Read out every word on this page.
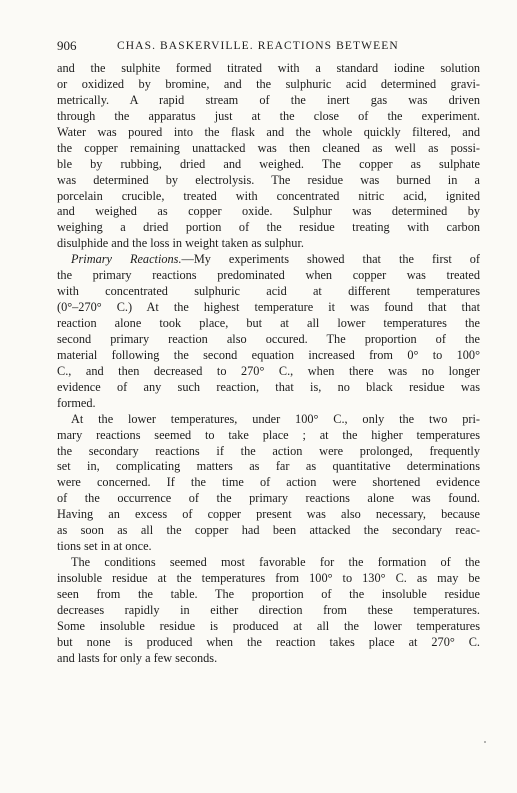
906	CHAS. BASKERVILLE. REACTIONS BETWEEN
and the sulphite formed titrated with a standard iodine solution
or oxidized by bromine, and the sulphuric acid determined gravi-
metrically. A rapid stream of the inert gas was driven
through the apparatus just at the close of the experiment.
Water was poured into the flask and the whole quickly filtered, and
the copper remaining unattacked was then cleaned as well as possi-
ble by rubbing, dried and weighed. The copper as sulphate
was determined by electrolysis. The residue was burned in a
porcelain crucible, treated with concentrated nitric acid, ignited
and weighed as copper oxide. Sulphur was determined by
weighing a dried portion of the residue treating with carbon
disulphide and the loss in weight taken as sulphur.
Primary Reactions.—My experiments showed that the first of
the primary reactions predominated when copper was treated
with concentrated sulphuric acid at different temperatures
(0°–270° C.) At the highest temperature it was found that that
reaction alone took place, but at all lower temperatures the
second primary reaction also occured. The proportion of the
material following the second equation increased from 0° to 100°
C., and then decreased to 270° C., when there was no longer
evidence of any such reaction, that is, no black residue was
formed.
At the lower temperatures, under 100° C., only the two pri-
mary reactions seemed to take place ; at the higher temperatures
the secondary reactions if the action were prolonged, frequently
set in, complicating matters as far as quantitative determinations
were concerned. If the time of action were shortened evidence
of the occurrence of the primary reactions alone was found.
Having an excess of copper present was also necessary, because
as soon as all the copper had been attacked the secondary reac-
tions set in at once.
The conditions seemed most favorable for the formation of the
insoluble residue at the temperatures from 100° to 130° C. as may be
seen from the table. The proportion of the insoluble residue
decreases rapidly in either direction from these temperatures.
Some insoluble residue is produced at all the lower temperatures
but none is produced when the reaction takes place at 270° C.
and lasts for only a few seconds.
